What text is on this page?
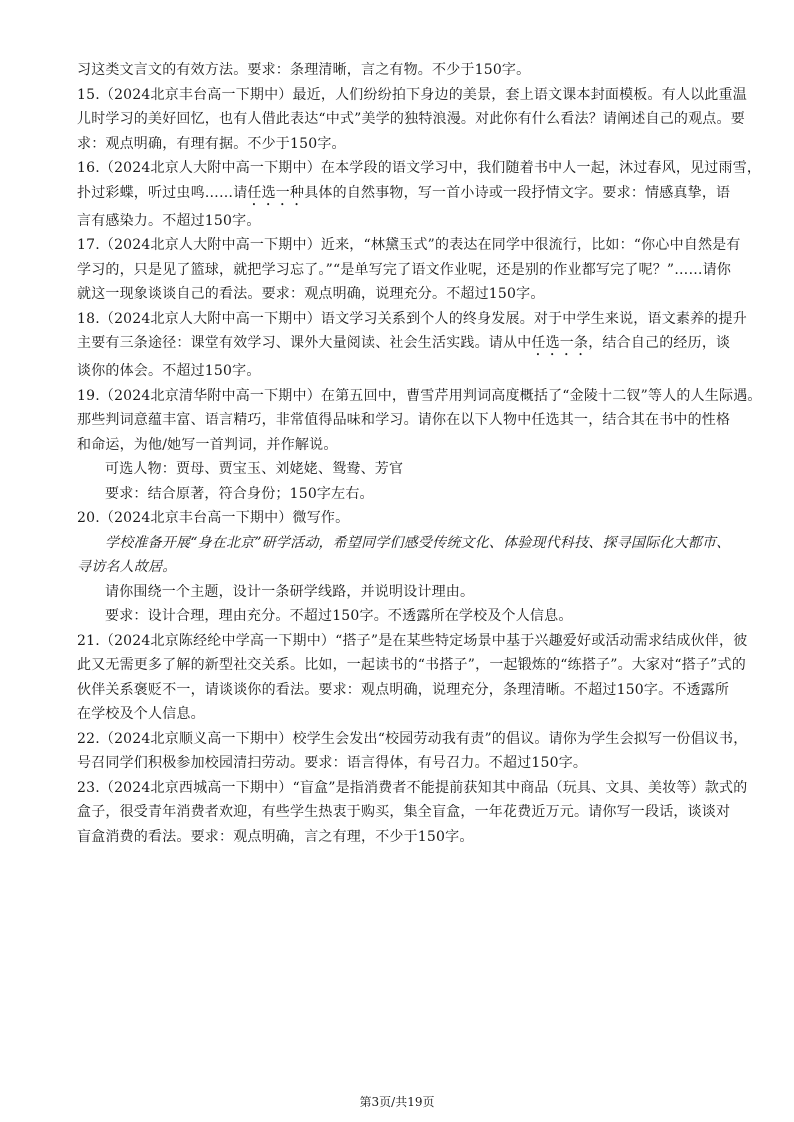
习这类文言文的有效方法。要求：条理清晰，言之有物。不少于150字。
15.（2024北京丰台高一下期中）最近，人们纷纷拍下身边的美景，套上语文课本封面模板。有人以此重温
儿时学习的美好回忆，也有人借此表达“中式”美学的独特浪漫。对此你有什么看法？请阐述自己的观点。要
求：观点明确，有理有据。不少于150字。
16.（2024北京人大附中高一下期中）在本学段的语文学习中，我们随着书中人一起，沐过春风，见过雨雪，
扑过彩蝶，听过虫鸣……请任选一种具体的自然事物，写一首小诗或一段抒情文字。要求：情感真挚，语
言有感染力。不超过150字。
17.（2024北京人大附中高一下期中）近来，“林黛玉式”的表达在同学中很流行，比如：“你心中自然是有
学习的，只是见了篮球，就把学习忘了。”“是单写完了语文作业呢，还是别的作业都写完了呢？”……请你
就这一现象谈谈自己的看法。要求：观点明确，说理充分。不超过150字。
18.（2024北京人大附中高一下期中）语文学习关系到个人的终身发展。对于中学生来说，语文素养的提升
主要有三条途径：课堂有效学习、课外大量阅读、社会生活实践。请从中任选一条，结合自己的经历，谈
谈你的体会。不超过150字。
19.（2024北京清华附中高一下期中）在第五回中，曹雪芹用判词高度概括了“金陵十二钗”等人的人生际遇。
那些判词意蕴丰富、语言精巧，非常值得品味和学习。请你在以下人物中任选其一，结合其在书中的性格
和命运，为他/她写一首判词，并作解说。
可选人物：贾母、贾宝玉、刘姥姥、鸳鸯、芳官
要求：结合原著，符合身份；150字左右。
20.（2024北京丰台高一下期中）微写作。
学校准备开展“身在北京”研学活动，希望同学们感受传统文化、体验现代科技、探寻国际化大都市、
寻访名人故居。
请你围绕一个主题，设计一条研学线路，并说明设计理由。
要求：设计合理，理由充分。不超过150字。不透露所在学校及个人信息。
21.（2024北京陈经纶中学高一下期中）“搭子”是在某些特定场景中基于兴趣爱好或活动需求结成伙伴，彼
此又无需更多了解的新型社交关系。比如，一起读书的“书搭子”，一起锻炼的“练搭子”。大家对“搭子”式的
伙伴关系褒贬不一，请谈谈你的看法。要求：观点明确，说理充分，条理清晰。不超过150字。不透露所
在学校及个人信息。
22.（2024北京顺义高一下期中）校学生会发出“校园劳动我有责”的倡议。请你为学生会拟写一份倡议书，
号召同学们积极参加校园清扫劳动。要求：语言得体，有号召力。不超过150字。
23.（2024北京西城高一下期中）“盲盒”是指消费者不能提前获知其中商品（玩具、文具、美妆等）款式的
盒子，很受青年消费者欢迎，有些学生热衷于购买，集全盲盒，一年花费近万元。请你写一段话，谈谈对
盲盒消费的看法。要求：观点明确，言之有理，不少于150字。
第3页/共19页
